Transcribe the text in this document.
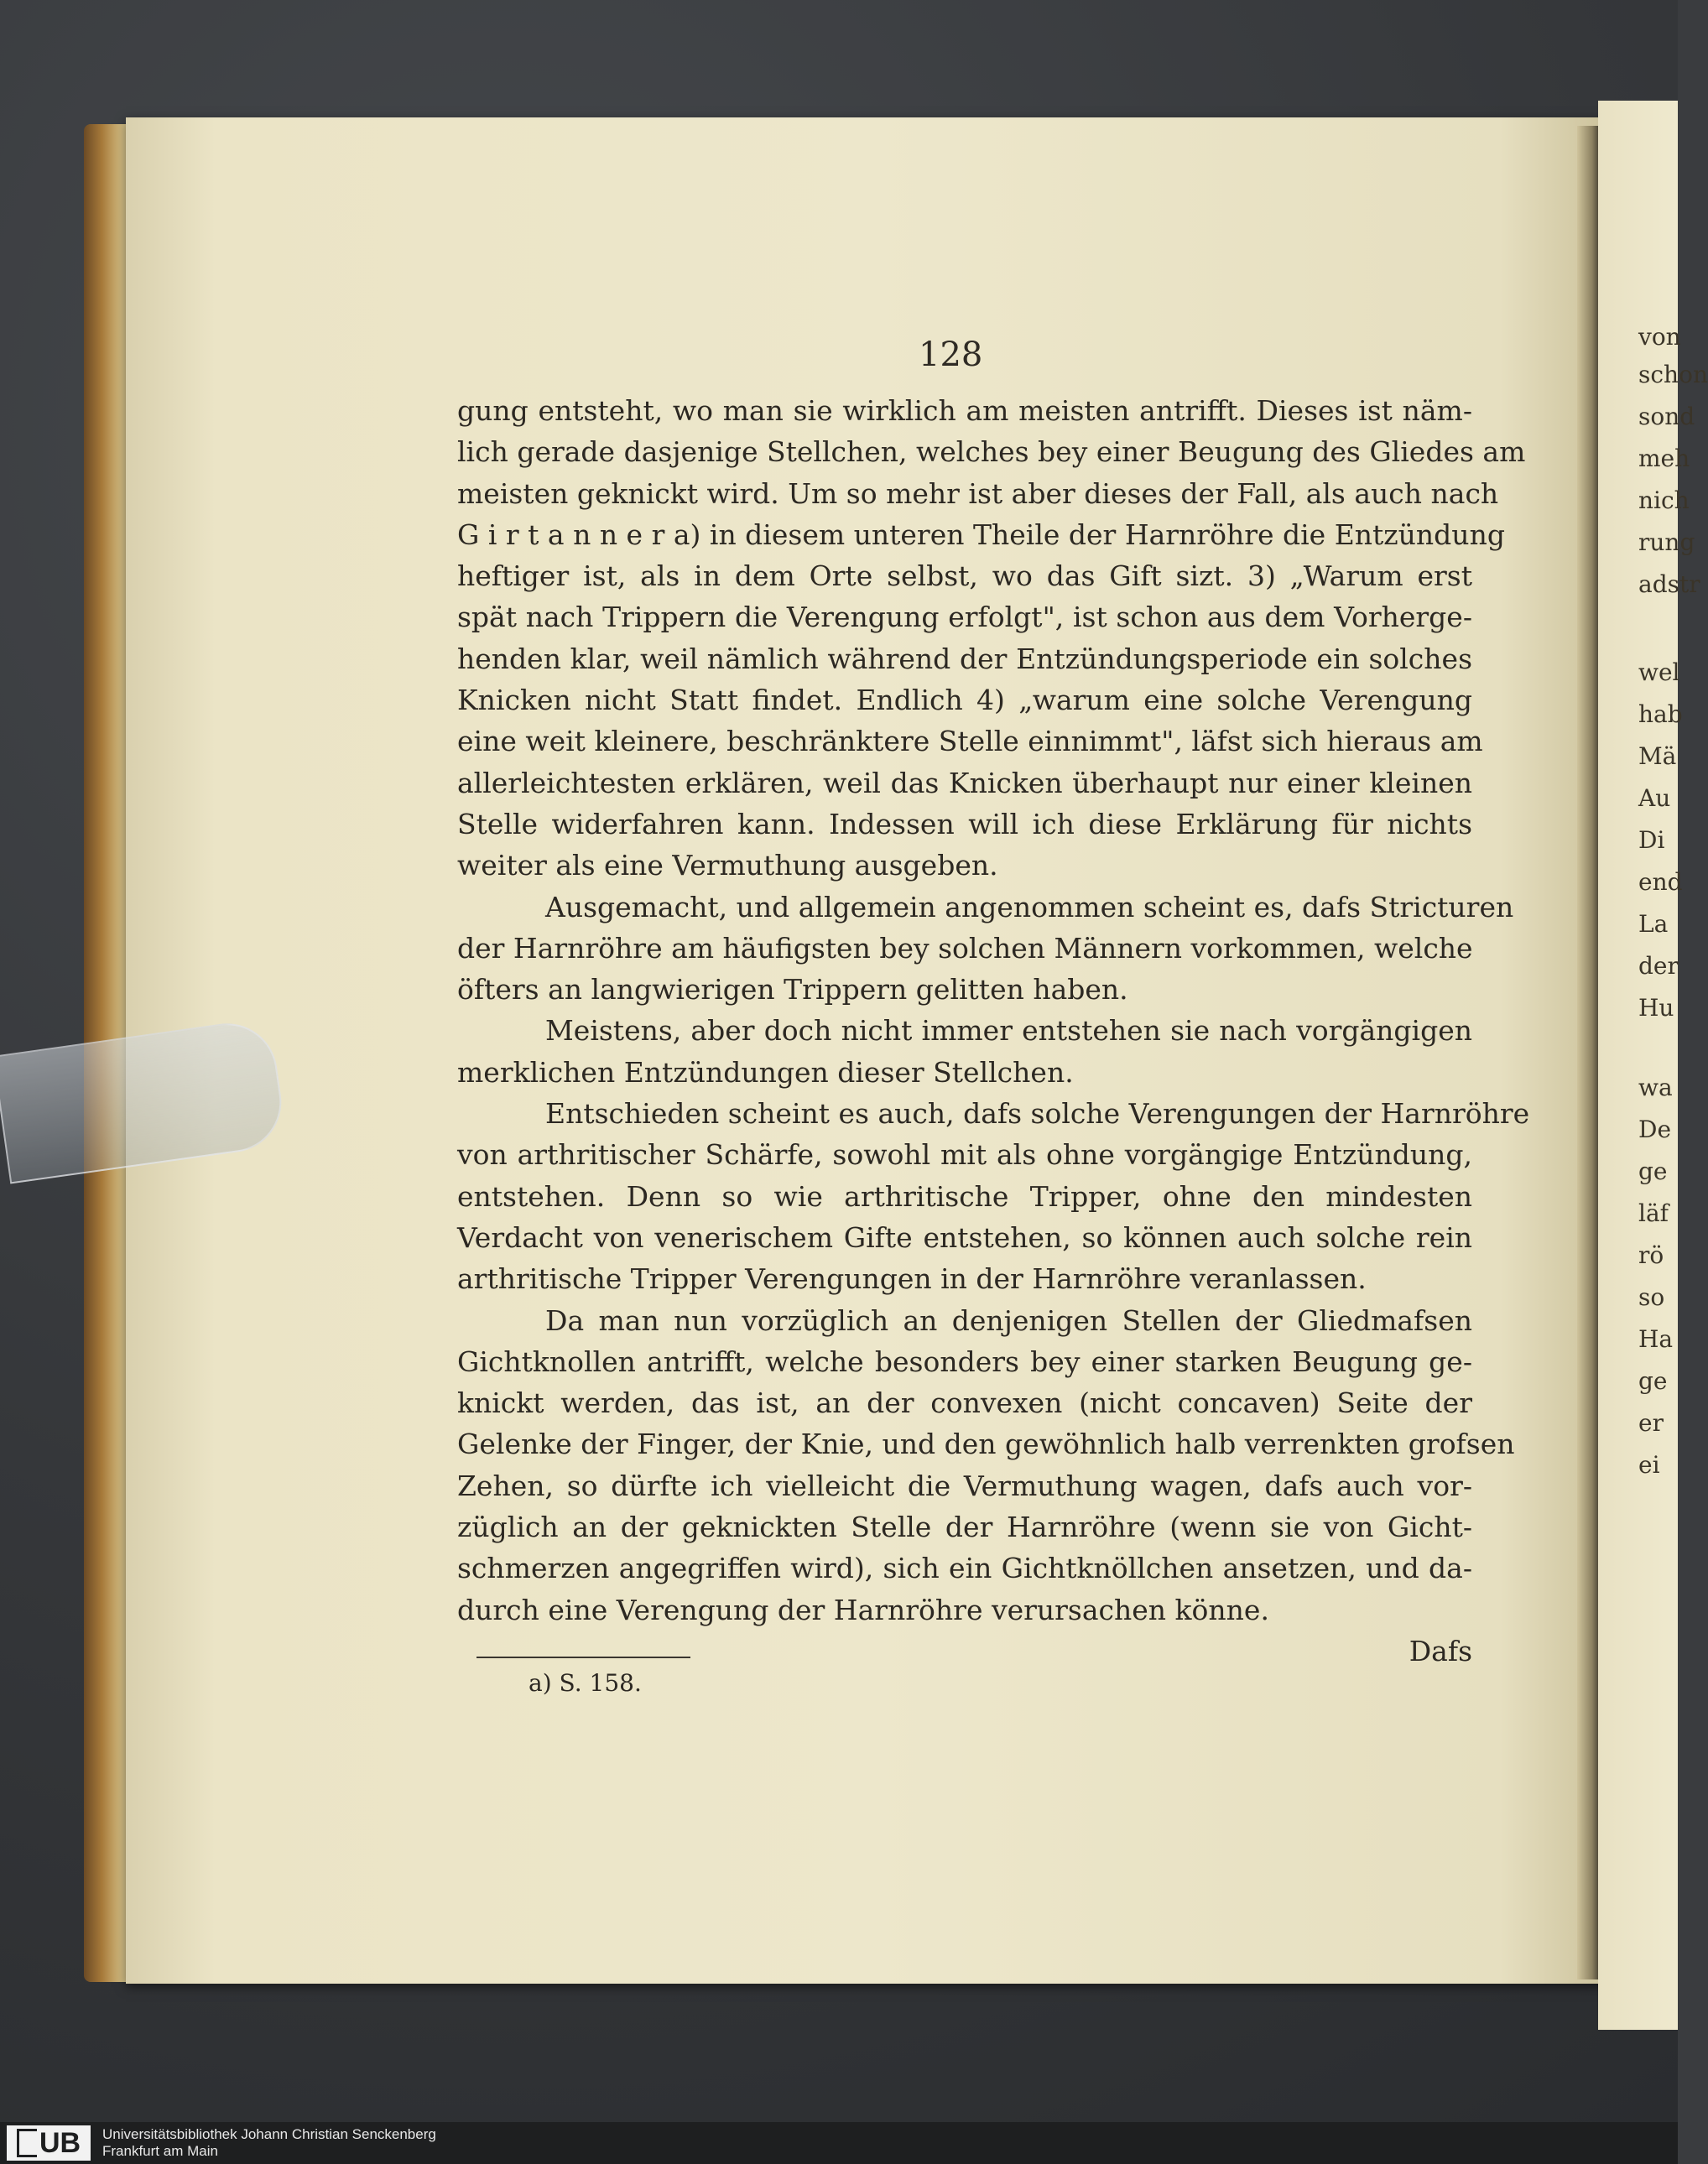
von
schon
sond
meh
nich
rung
adstr
wel
hab
Mä
Au
Di
end
La
der
Hu
wa
De
ge
läf
rö
so
Ha
ge
er
ei
128
gung entsteht, wo man sie wirklich am meisten antrifft. Dieses ist näm-
lich gerade dasjenige Stellchen, welches bey einer Beugung des Gliedes am
meisten geknickt wird. Um so mehr ist aber dieses der Fall, als auch nach
G i r t a n n e r a) in diesem unteren Theile der Harnröhre die Entzündung
heftiger ist, als in dem Orte selbst, wo das Gift sizt. 3) „Warum erst
spät nach Trippern die Verengung erfolgt", ist schon aus dem Vorherge-
henden klar, weil nämlich während der Entzündungsperiode ein solches
Knicken nicht Statt findet. Endlich 4) „warum eine solche Verengung
eine weit kleinere, beschränktere Stelle einnimmt", läfst sich hieraus am
allerleichtesten erklären, weil das Knicken überhaupt nur einer kleinen
Stelle widerfahren kann. Indessen will ich diese Erklärung für nichts
weiter als eine Vermuthung ausgeben.
Ausgemacht, und allgemein angenommen scheint es, dafs Stricturen
der Harnröhre am häufigsten bey solchen Männern vorkommen, welche
öfters an langwierigen Trippern gelitten haben.
Meistens, aber doch nicht immer entstehen sie nach vorgängigen
merklichen Entzündungen dieser Stellchen.
Entschieden scheint es auch, dafs solche Verengungen der Harnröhre
von arthritischer Schärfe, sowohl mit als ohne vorgängige Entzündung,
entstehen. Denn so wie arthritische Tripper, ohne den mindesten
Verdacht von venerischem Gifte entstehen, so können auch solche rein
arthritische Tripper Verengungen in der Harnröhre veranlassen.
Da man nun vorzüglich an denjenigen Stellen der Gliedmafsen
Gichtknollen antrifft, welche besonders bey einer starken Beugung ge-
knickt werden, das ist, an der convexen (nicht concaven) Seite der
Gelenke der Finger, der Knie, und den gewöhnlich halb verrenkten grofsen
Zehen, so dürfte ich vielleicht die Vermuthung wagen, dafs auch vor-
züglich an der geknickten Stelle der Harnröhre (wenn sie von Gicht-
schmerzen angegriffen wird), sich ein Gichtknöllchen ansetzen, und da-
durch eine Verengung der Harnröhre verursachen könne.
Dafs
a) S. 158.
UB Universitätsbibliothek Johann Christian Senckenberg
Frankfurt am Main
